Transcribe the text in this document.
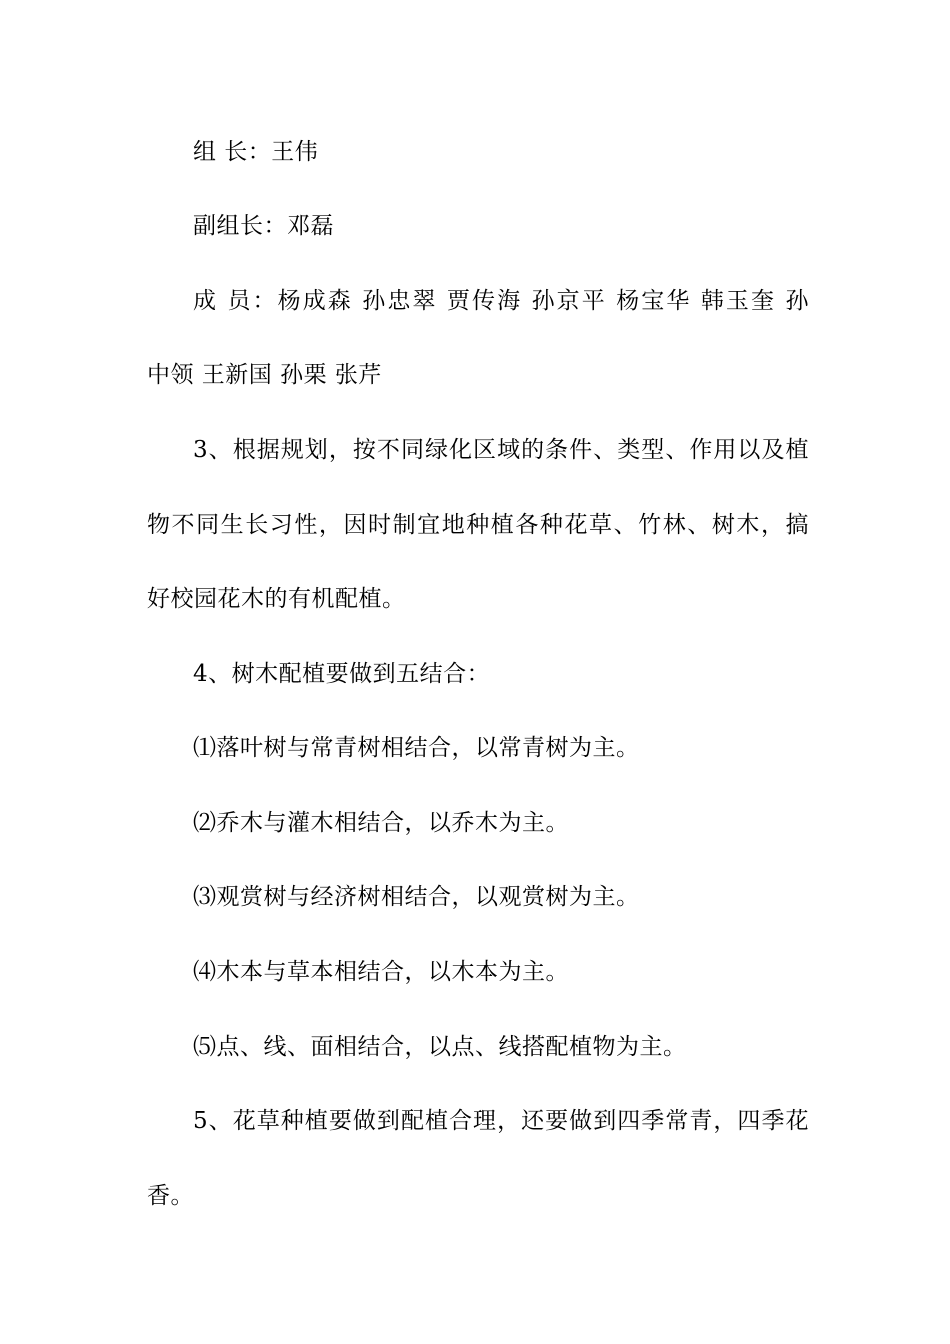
组 长：王伟
副组长：邓磊
成 员：杨成森 孙忠翠 贾传海 孙京平 杨宝华 韩玉奎 孙
中领 王新国 孙栗 张芹
3、根据规划，按不同绿化区域的条件、类型、作用以及植
物不同生长习性，因时制宜地种植各种花草、竹林、树木，搞
好校园花木的有机配植。
4、树木配植要做到五结合：
⑴落叶树与常青树相结合，以常青树为主。
⑵乔木与灌木相结合，以乔木为主。
⑶观赏树与经济树相结合，以观赏树为主。
⑷木本与草本相结合，以木本为主。
⑸点、线、面相结合，以点、线搭配植物为主。
5、花草种植要做到配植合理，还要做到四季常青，四季花
香。
